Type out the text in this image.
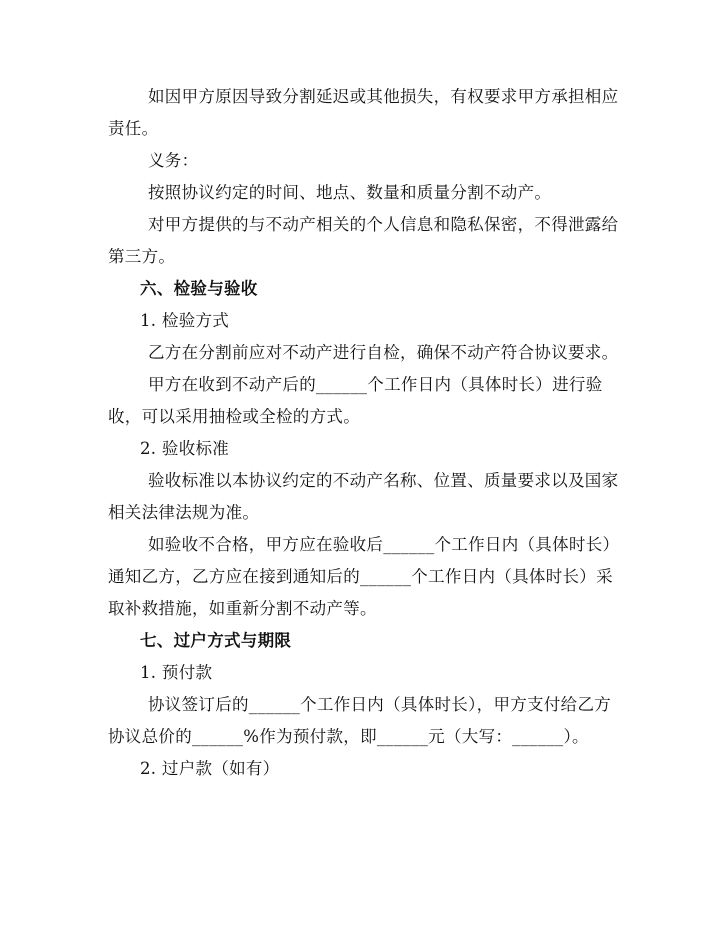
如因甲方原因导致分割延迟或其他损失，有权要求甲方承担相应
责任。
义务：
按照协议约定的时间、地点、数量和质量分割不动产。
对甲方提供的与不动产相关的个人信息和隐私保密，不得泄露给
第三方。
六、检验与验收
1. 检验方式
乙方在分割前应对不动产进行自检，确保不动产符合协议要求。
甲方在收到不动产后的______个工作日内（具体时长）进行验
收，可以采用抽检或全检的方式。
2. 验收标准
验收标准以本协议约定的不动产名称、位置、质量要求以及国家
相关法律法规为准。
如验收不合格，甲方应在验收后______个工作日内（具体时长）
通知乙方，乙方应在接到通知后的______个工作日内（具体时长）采
取补救措施，如重新分割不动产等。
七、过户方式与期限
1. 预付款
协议签订后的______个工作日内（具体时长），甲方支付给乙方
协议总价的______%作为预付款，即______元（大写：______）。
2. 过户款（如有）
